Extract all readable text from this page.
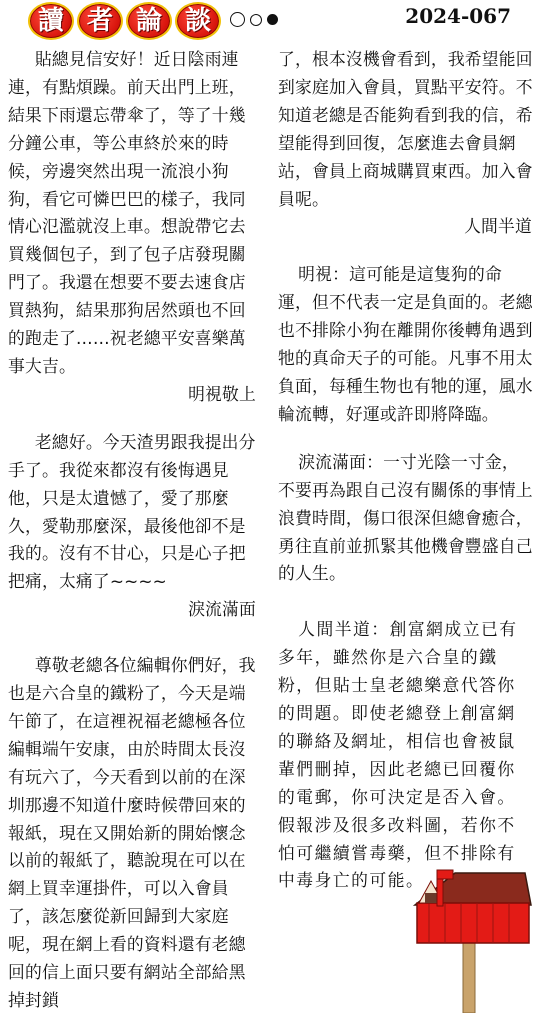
讀 者 論 談	2024-067

貼總見信安好！近日陰雨連連，有點煩躁。前天出門上班，結果下雨還忘帶傘了，等了十幾分鐘公車，等公車終於來的時候，旁邊突然出現一流浪小狗狗，看它可憐巴巴的樣子，我同情心氾濫就沒上車。想說帶它去買幾個包子，到了包子店發現關門了。我還在想要不要去速食店買熱狗，結果那狗居然頭也不回的跑走了……祝老總平安喜樂萬事大吉。

明視敬上

老總好。今天渣男跟我提出分手了。我從來都沒有後悔遇見他，只是太遺憾了，愛了那麼久，愛勒那麼深，最後他卻不是我的。沒有不甘心，只是心子把把痛，太痛了~~~~

淚流滿面

尊敬老總各位編輯你們好，我也是六合皇的鐵粉了，今天是端午節了，在這裡祝福老總極各位編輯端午安康，由於時間太長沒有玩六了，今天看到以前的在深圳那邊不知道什麼時候帶回來的報紙，現在又開始新的開始懷念以前的報紙了，聽說現在可以在網上買幸運掛件，可以入會員了，該怎麼從新回歸到大家庭呢，現在網上看的資料還有老總回的信上面只要有網站全部給黑掉封鎖

了，根本沒機會看到，我希望能回到家庭加入會員，買點平安符。不知道老總是否能夠看到我的信，希望能得到回復，怎麼進去會員網站，會員上商城購買東西。加入會員呢。

人間半道

明視：這可能是這隻狗的命運，但不代表一定是負面的。老總也不排除小狗在離開你後轉角遇到牠的真命天子的可能。凡事不用太負面，每種生物也有牠的運，風水輪流轉，好運或許即將降臨。

淚流滿面：一寸光陰一寸金，不要再為跟自己沒有關係的事情上浪費時間，傷口很深但總會癒合，勇往直前並抓緊其他機會豐盛自己的人生。

人間半道：創富網成立已有多年，雖然你是六合皇的鐵粉，但貼士皇老總樂意代答你的問題。即使老總登上創富網的聯絡及網址，相信也會被鼠輩們刪掉，因此老總已回覆你的電郵，你可決定是否入會。假報涉及很多改料圖，若你不怕可繼續嘗毒藥，但不排除有中毒身亡的可能。
